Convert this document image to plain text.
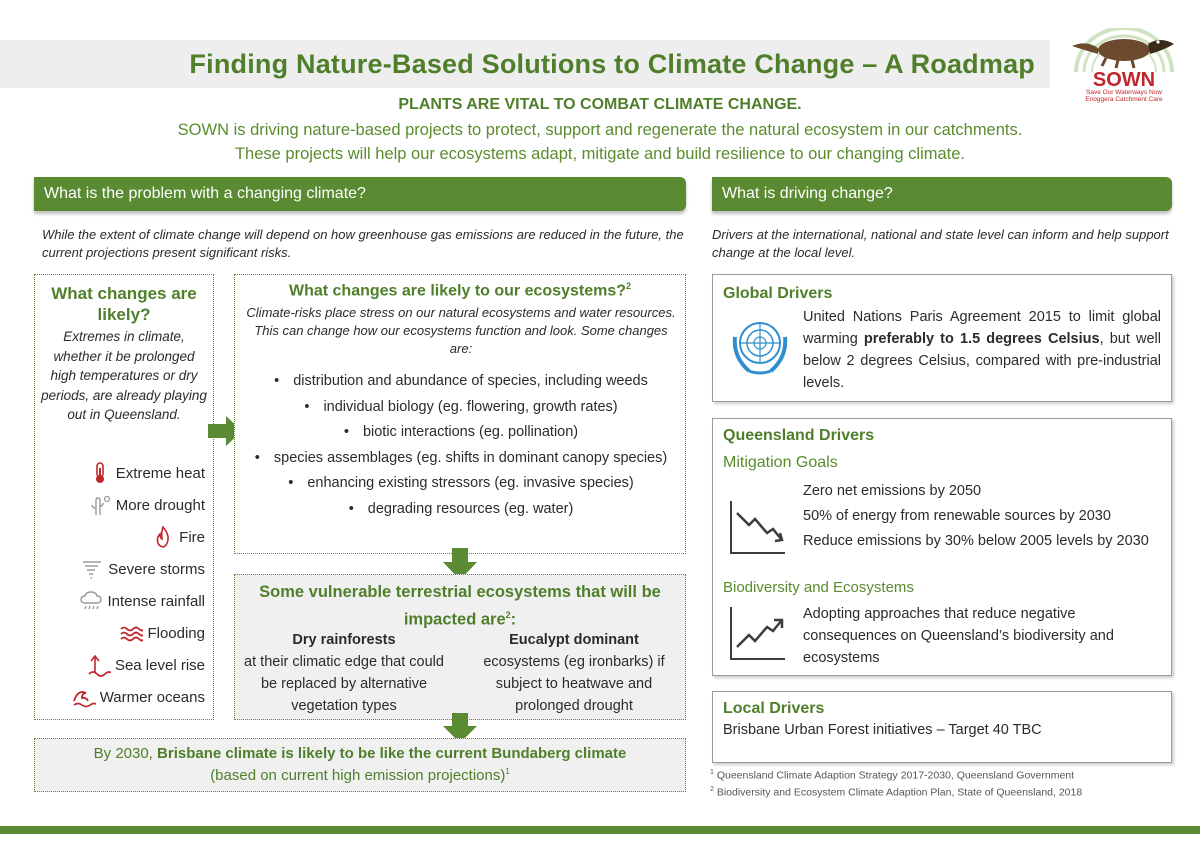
Finding Nature-Based Solutions to Climate Change – A Roadmap
SOWN
Save Our Waterways Now
Enoggera Catchment Care
PLANTS ARE VITAL TO COMBAT CLIMATE CHANGE.
SOWN is driving nature-based projects to protect, support and regenerate the natural ecosystem in our catchments.
These projects will help our ecosystems adapt, mitigate and build resilience to our changing climate.
What is the problem with a changing climate?	What is driving change?
While the extent of climate change will depend on how greenhouse gas emissions are reduced in the future, the current projections present significant risks.
Drivers at the international, national and state level can inform and help support change at the local level.
What changes are likely?
Extremes in climate, whether it be prolonged high temperatures or dry periods, are already playing out in Queensland.
Extreme heat
More drought
Fire
Severe storms
Intense rainfall
Flooding
Sea level rise
Warmer oceans
What changes are likely to our ecosystems?$^2$
Climate-risks place stress on our natural ecosystems and water resources. This can change how our ecosystems function and look. Some changes are:
• distribution and abundance of species, including weeds
• individual biology (eg. flowering, growth rates)
• biotic interactions (eg. pollination)
• species assemblages (eg. shifts in dominant canopy species)
• enhancing existing stressors (eg. invasive species)
• degrading resources (eg. water)
Some vulnerable terrestrial ecosystems that will be impacted are$^2$:
Dry rainforests
at their climatic edge that could be replaced by alternative vegetation types
Eucalypt dominant
ecosystems (eg ironbarks) if subject to heatwave and prolonged drought
By 2030, Brisbane climate is likely to be like the current Bundaberg climate
(based on current high emission projections)$^1$
Global Drivers
United Nations Paris Agreement 2015 to limit global warming preferably to 1.5 degrees Celsius, but well below 2 degrees Celsius, compared with pre-industrial levels.
Queensland Drivers
Mitigation Goals
Zero net emissions by 2050
50% of energy from renewable sources by 2030
Reduce emissions by 30% below 2005 levels by 2030
Biodiversity and Ecosystems
Adopting approaches that reduce negative consequences on Queensland’s biodiversity and ecosystems
Local Drivers
Brisbane Urban Forest initiatives – Target 40 TBC
$^1$ Queensland Climate Adaption Strategy 2017-2030, Queensland Government
$^2$ Biodiversity and Ecosystem Climate Adaption Plan, State of Queensland, 2018
